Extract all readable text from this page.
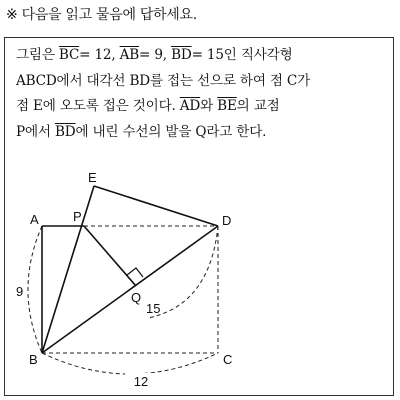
※ 다음을 읽고 물음에 답하세요.
그림은 $\overline{BC}= 12$, $\overline{AB}= 9$, $\overline{BD}= 15$인 직사각형
ABCD에서 대각선 BD를 접는 선으로 하여 점 C가
점 E에 오도록 접은 것이다. $\overline{AD}$와 $\overline{BE}$의 교점
P에서 $\overline{BD}$에 내린 수선의 발을 Q라고 한다.
A	P
E
D
Q
B	C
9
15
12
